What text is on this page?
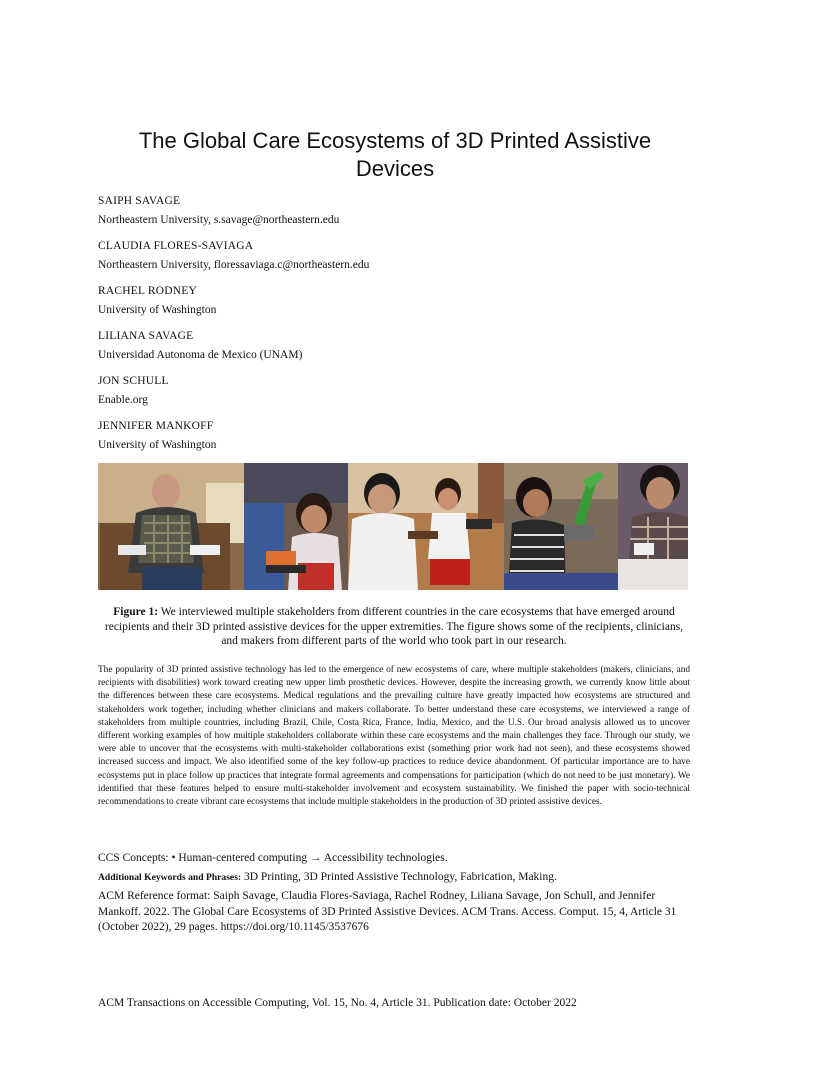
The Global Care Ecosystems of 3D Printed Assistive Devices
SAIPH SAVAGE
Northeastern University, s.savage@northeastern.edu
CLAUDIA FLORES-SAVIAGA
Northeastern University, floressaviaga.c@northeastern.edu
RACHEL RODNEY
University of Washington
LILIANA SAVAGE
Universidad Autonoma de Mexico (UNAM)
JON SCHULL
Enable.org
JENNIFER MANKOFF
University of Washington
Figure 1: We interviewed multiple stakeholders from different countries in the care ecosystems that have emerged around recipients and their 3D printed assistive devices for the upper extremities. The figure shows some of the recipients, clinicians, and makers from different parts of the world who took part in our research.
The popularity of 3D printed assistive technology has led to the emergence of new ecosystems of care, where multiple stakeholders (makers, clinicians, and recipients with disabilities) work toward creating new upper limb prosthetic devices. However, despite the increasing growth, we currently know little about the differences between these care ecosystems. Medical regulations and the prevailing culture have greatly impacted how ecosystems are structured and stakeholders work together, including whether clinicians and makers collaborate. To better understand these care ecosystems, we interviewed a range of stakeholders from multiple countries, including Brazil, Chile, Costa Rica, France, India, Mexico, and the U.S. Our broad analysis allowed us to uncover different working examples of how multiple stakeholders collaborate within these care ecosystems and the main challenges they face. Through our study, we were able to uncover that the ecosystems with multi-stakeholder collaborations exist (something prior work had not seen), and these ecosystems showed increased success and impact. We also identified some of the key follow-up practices to reduce device abandonment. Of particular importance are to have ecosystems put in place follow up practices that integrate formal agreements and compensations for participation (which do not need to be just monetary). We identified that these features helped to ensure multi-stakeholder involvement and ecosystem sustainability. We finished the paper with socio-technical recommendations to create vibrant care ecosystems that include multiple stakeholders in the production of 3D printed assistive devices.
CCS Concepts: • Human-centered computing → Accessibility technologies.
Additional Keywords and Phrases: 3D Printing, 3D Printed Assistive Technology, Fabrication, Making.
ACM Reference format: Saiph Savage, Claudia Flores-Saviaga, Rachel Rodney, Liliana Savage, Jon Schull, and Jennifer Mankoff. 2022. The Global Care Ecosystems of 3D Printed Assistive Devices. ACM Trans. Access. Comput. 15, 4, Article 31 (October 2022), 29 pages. https://doi.org/10.1145/3537676
ACM Transactions on Accessible Computing, Vol. 15, No. 4, Article 31. Publication date: October 2022
